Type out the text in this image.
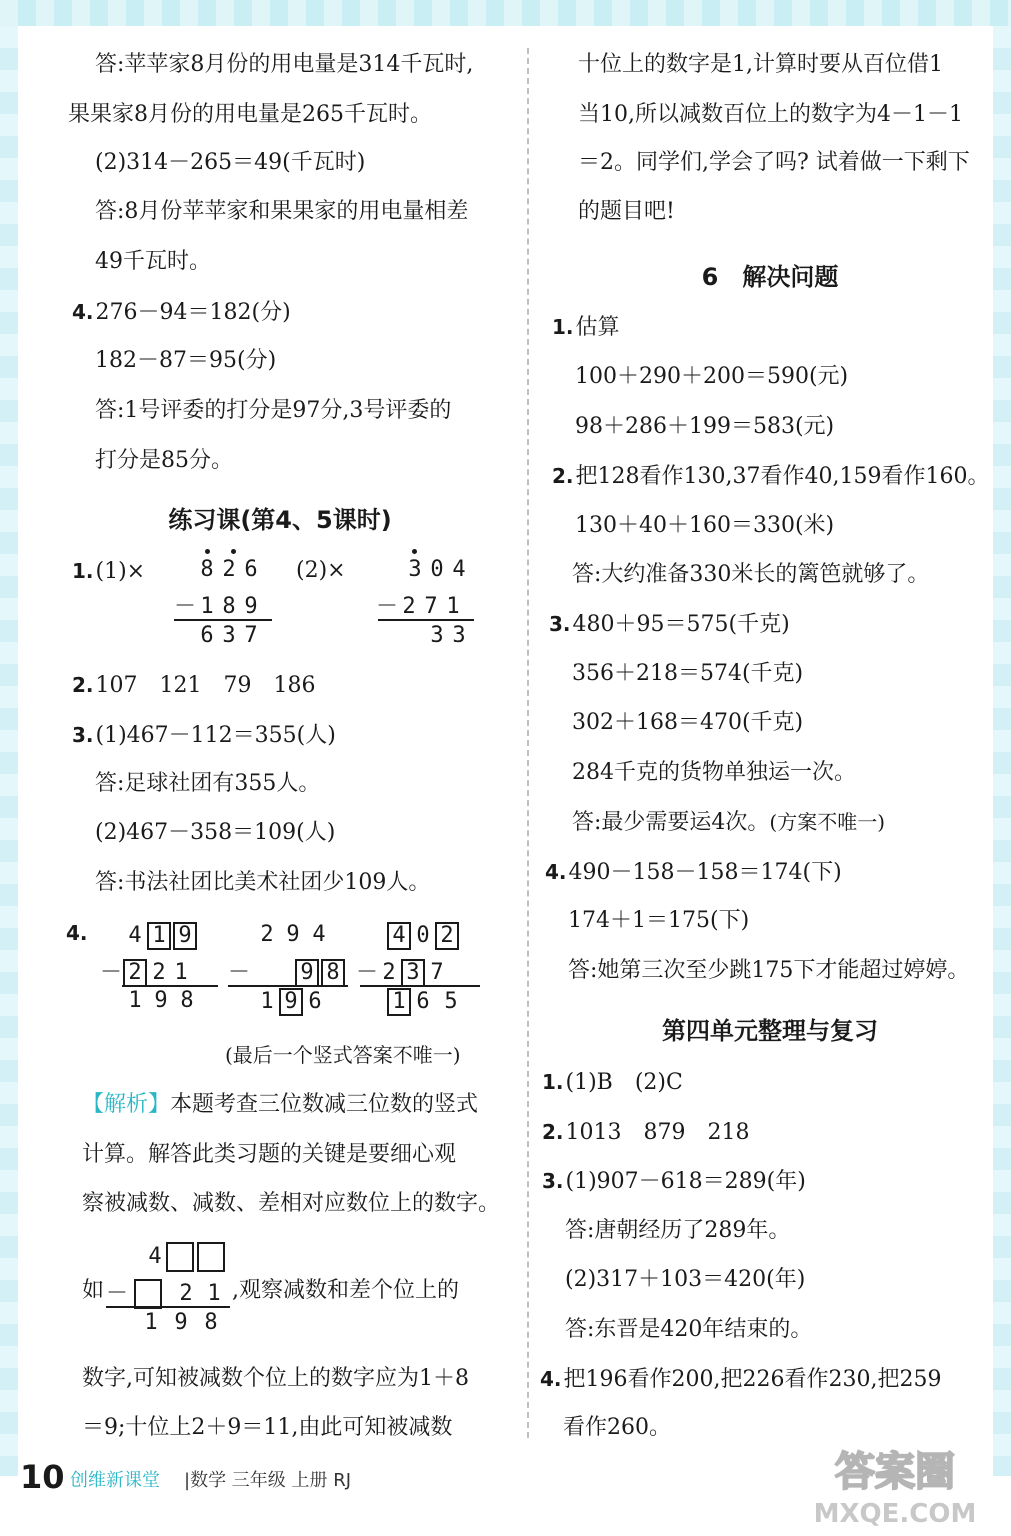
答:苹苹家8月份的用电量是314千瓦时,
果果家8月份的用电量是265千瓦时。
(2)314－265＝49(千瓦时)
答:8月份苹苹家和果果家的用电量相差
49千瓦时。
4.276－94＝182(分)
182－87＝95(分)
答:1号评委的打分是97分,3号评委的
打分是85分。
练习课(第4、5课时)
1.(1)×	(2)×
8 2 6
－ 1 8 9
6 3 7
3 0 4
－ 2 7 1
3 3
2.107　121　79　186
3.(1)467－112＝355(人)
答:足球社团有355人。
(2)467－358＝109(人)
答:书法社团比美术社团少109人。
4. 4 1 9
－ 2 2 1
1 9 8
2 9 4
－ 9 8
1 9 6
4 0 2
－ 2 3 7
1 6 5
(最后一个竖式答案不唯一)
【解析】本题考查三位数减三位数的竖式
计算。解答此类习题的关键是要细心观
察被减数、减数、差相对应数位上的数字。
如
4
－ 2 1
1 9 8
,观察减数和差个位上的
数字,可知被减数个位上的数字应为1＋8
＝9;十位上2＋9＝11,由此可知被减数
十位上的数字是1,计算时要从百位借1
当10,所以减数百位上的数字为4－1－1
＝2。同学们,学会了吗? 试着做一下剩下
的题目吧!
6　解决问题
1.估算
100＋290＋200＝590(元)
98＋286＋199＝583(元)
2.把128看作130,37看作40,159看作160。
130＋40＋160＝330(米)
答:大约准备330米长的篱笆就够了。
3.480＋95＝575(千克)
356＋218＝574(千克)
302＋168＝470(千克)
284千克的货物单独运一次。
答:最少需要运4次。(方案不唯一)
4.490－158－158＝174(下)
174＋1＝175(下)
答:她第三次至少跳175下才能超过婷婷。
第四单元整理与复习
1.(1)B　(2)C
2.1013　879　218
3.(1)907－618＝289(年)
答:唐朝经历了289年。
(2)317＋103＝420(年)
答:东晋是420年结束的。
4.把196看作200,把226看作230,把259
看作260。
10 创维新课堂 |数学 三年级 上册 RJ	答案圈
MXQE.COM
